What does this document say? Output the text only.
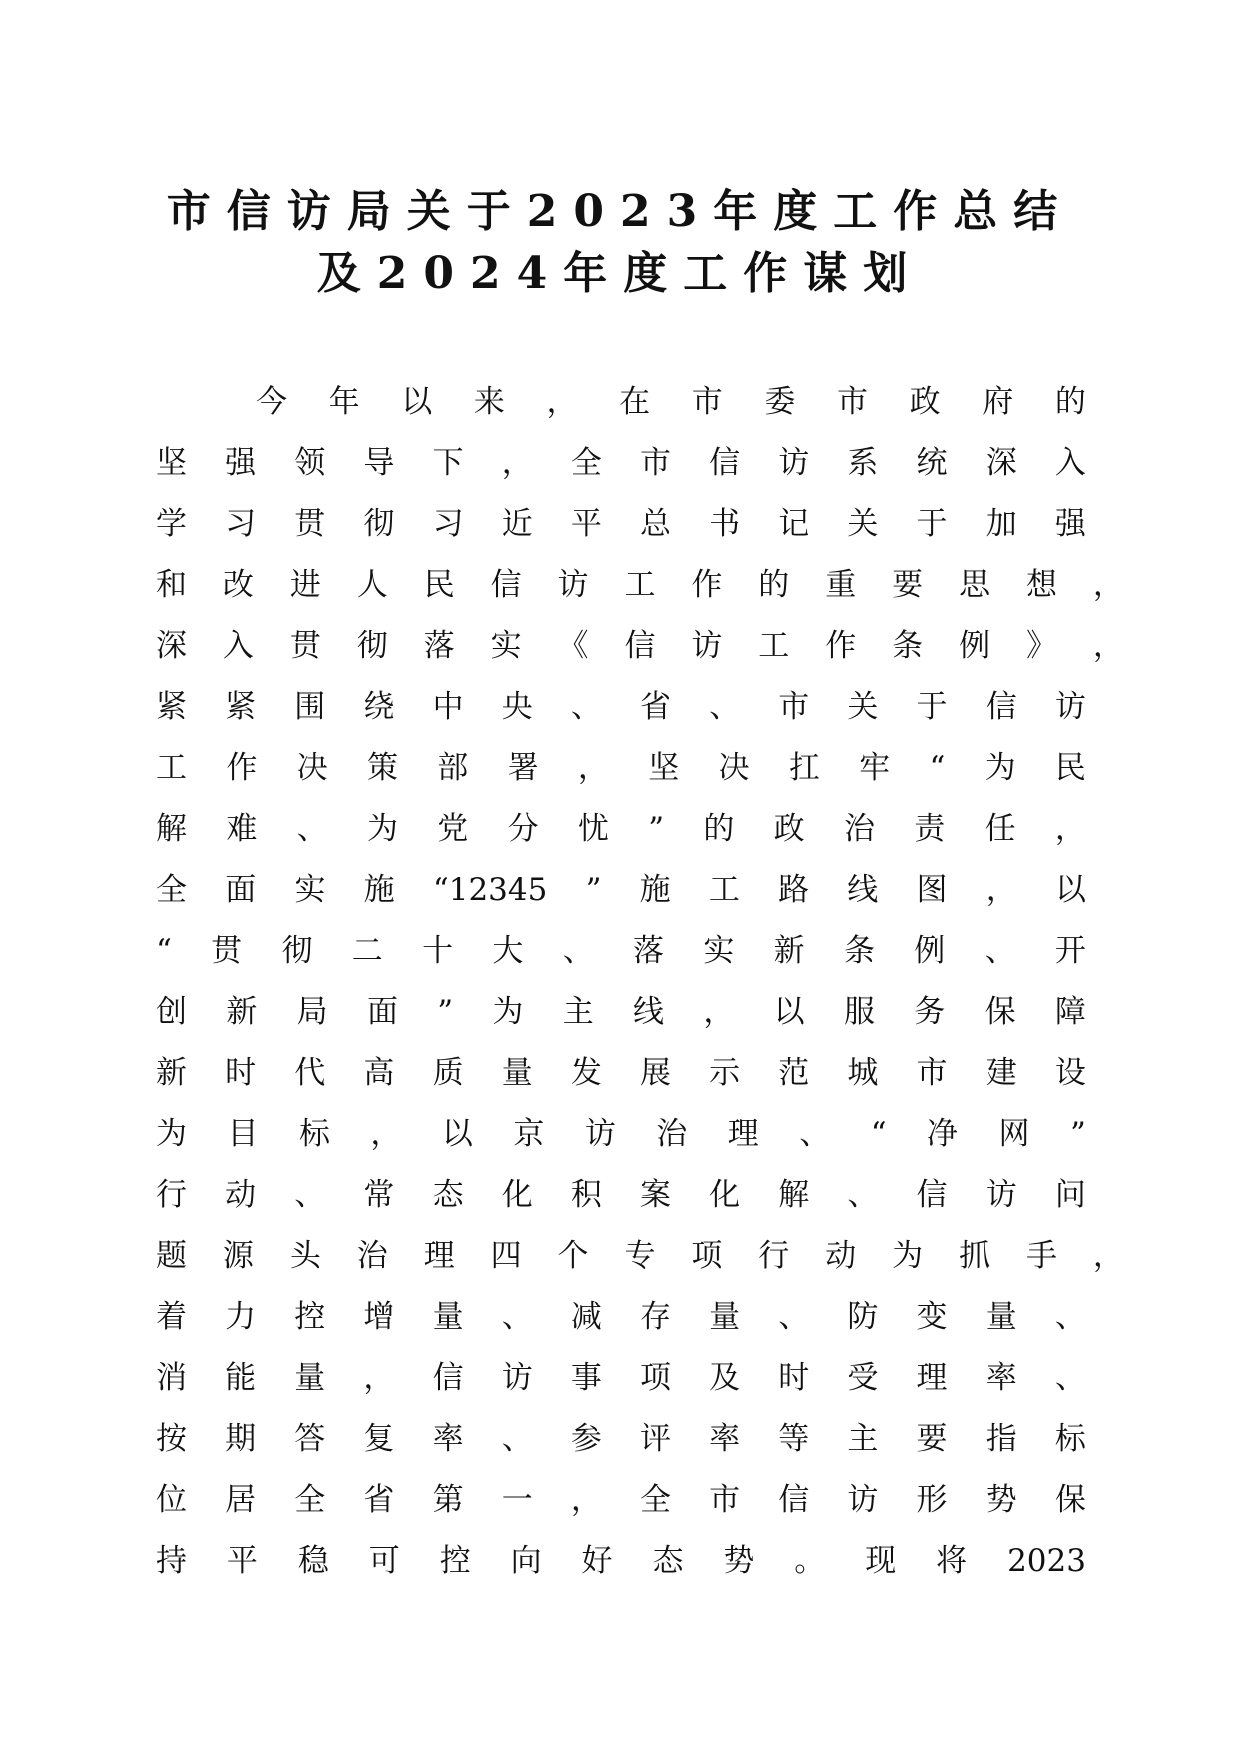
市信访局关于2023年度工作总结
及2024年度工作谋划
今 年 以 来 ， 在 市 委 市 政 府 的
坚 强 领 导 下 ， 全 市 信 访 系 统 深 入
学 习 贯 彻 习 近 平 总 书 记 关 于 加 强
和 改 进 人 民 信 访 工 作 的 重 要 思 想 ，
深 入 贯 彻 落 实 《 信 访 工 作 条 例 》 ，
紧 紧 围 绕 中 央 、 省 、 市 关 于 信 访
工 作 决 策 部 署 ， 坚 决 扛 牢 “ 为 民
解 难 、 为 党 分 忧 ” 的 政 治 责 任 ，
全 面 实 施 “12345 ” 施 工 路 线 图 ， 以
“ 贯 彻 二 十 大 、 落 实 新 条 例 、 开
创 新 局 面 ” 为 主 线 ， 以 服 务 保 障
新 时 代 高 质 量 发 展 示 范 城 市 建 设
为 目 标 ， 以 京 访 治 理 、 “ 净 网 ”
行 动 、 常 态 化 积 案 化 解 、 信 访 问
题 源 头 治 理 四 个 专 项 行 动 为 抓 手 ，
着 力 控 增 量 、 减 存 量 、 防 变 量 、
消 能 量 ， 信 访 事 项 及 时 受 理 率 、
按 期 答 复 率 、 参 评 率 等 主 要 指 标
位 居 全 省 第 一 ， 全 市 信 访 形 势 保
持 平 稳 可 控 向 好 态 势 。 现 将 2023
